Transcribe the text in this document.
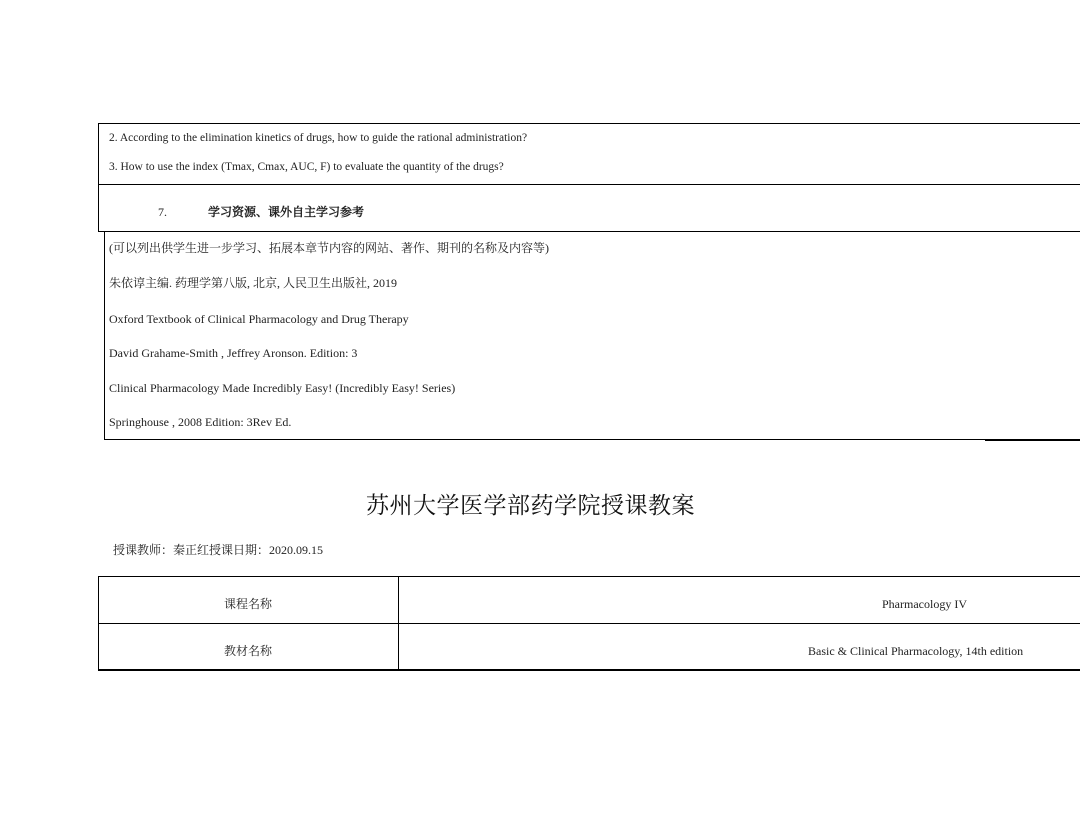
2. According to the elimination kinetics of drugs, how to guide the rational administration?
3. How to use the index (Tmax, Cmax, AUC, F) to evaluate the quantity of the drugs?
7.	学习资源、课外自主学习参考
(可以列出供学生进一步学习、拓展本章节内容的网站、著作、期刊的名称及内容等)
朱依谆主编. 药理学第八版, 北京, 人民卫生出版社, 2019
Oxford Textbook of Clinical Pharmacology and Drug Therapy
David Grahame-Smith , Jeffrey Aronson. Edition: 3
Clinical Pharmacology Made Incredibly Easy! (Incredibly Easy! Series)
Springhouse , 2008 Edition: 3Rev Ed.
苏州大学医学部药学院授课教案
授课教师：秦正红授课日期：2020.09.15
课程名称	Pharmacology IV
教材名称	Basic & Clinical Pharmacology, 14th edition
